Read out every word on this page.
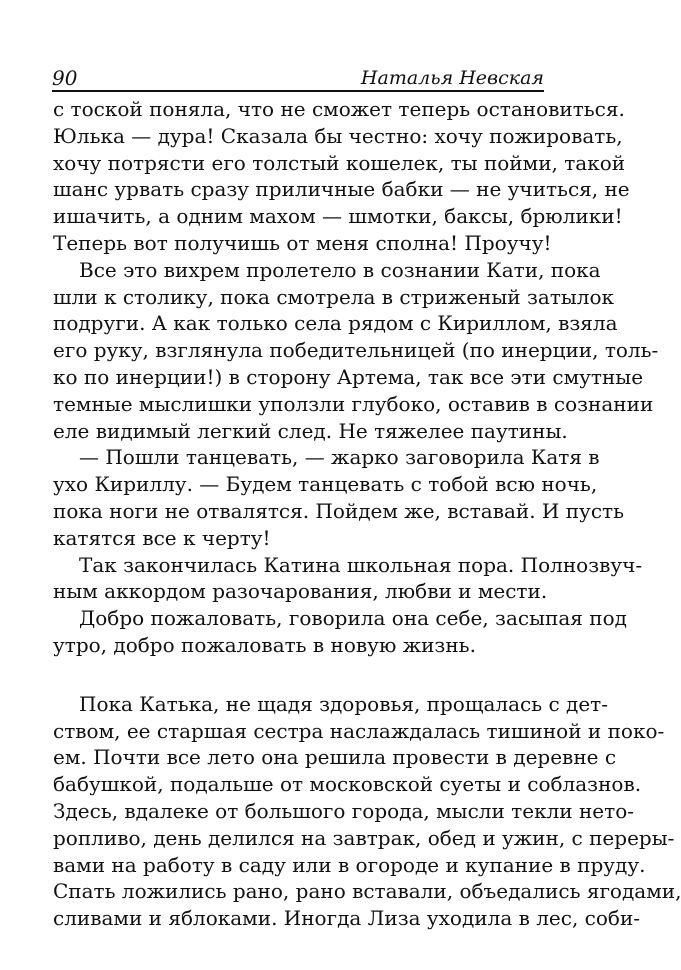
90	Наталья Невская
с тоской поняла, что не сможет теперь остановиться.
Юлька — дура! Сказала бы честно: хочу пожировать,
хочу потрясти его толстый кошелек, ты пойми, такой
шанс урвать сразу приличные бабки — не учиться, не
ишачить, а одним махом — шмотки, баксы, брюлики!
Теперь вот получишь от меня сполна! Проучу!
Все это вихрем пролетело в сознании Кати, пока
шли к столику, пока смотрела в стриженый затылок
подруги. А как только села рядом с Кириллом, взяла
его руку, взглянула победительницей (по инерции, толь-
ко по инерции!) в сторону Артема, так все эти смутные
темные мыслишки уползли глубоко, оставив в сознании
еле видимый легкий след. Не тяжелее паутины.
— Пошли танцевать, — жарко заговорила Катя в
ухо Кириллу. — Будем танцевать с тобой всю ночь,
пока ноги не отвалятся. Пойдем же, вставай. И пусть
катятся все к черту!
Так закончилась Катина школьная пора. Полнозвуч-
ным аккордом разочарования, любви и мести.
Добро пожаловать, говорила она себе, засыпая под
утро, добро пожаловать в новую жизнь.
Пока Катька, не щадя здоровья, прощалась с дет-
ством, ее старшая сестра наслаждалась тишиной и поко-
ем. Почти все лето она решила провести в деревне с
бабушкой, подальше от московской суеты и соблазнов.
Здесь, вдалеке от большого города, мысли текли нето-
ропливо, день делился на завтрак, обед и ужин, с переры-
вами на работу в саду или в огороде и купание в пруду.
Спать ложились рано, рано вставали, объедались ягодами,
сливами и яблоками. Иногда Лиза уходила в лес, соби-
